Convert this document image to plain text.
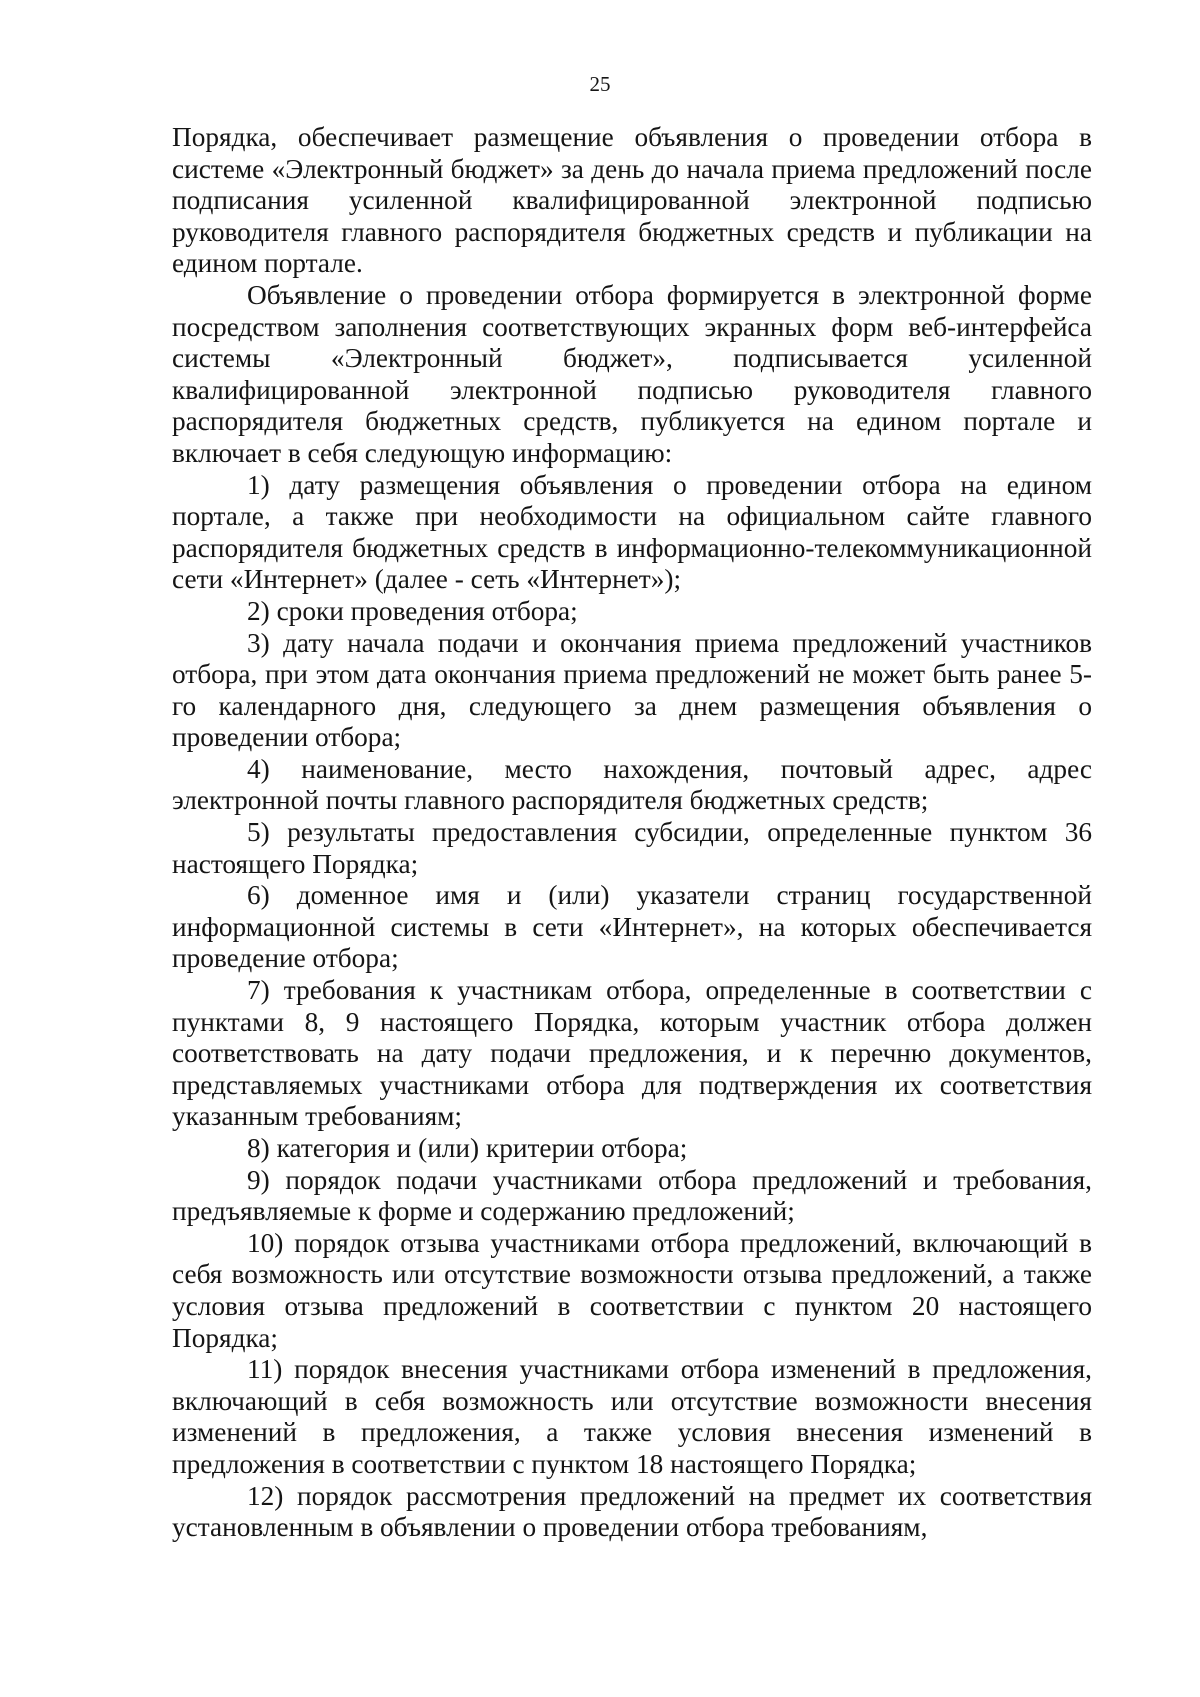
25

Порядка, обеспечивает размещение объявления о проведении отбора в системе «Электронный бюджет» за день до начала приема предложений после подписания усиленной квалифицированной электронной подписью руководителя главного распорядителя бюджетных средств и публикации на едином портале.

Объявление о проведении отбора формируется в электронной форме посредством заполнения соответствующих экранных форм веб-интерфейса системы «Электронный бюджет», подписывается усиленной квалифицированной электронной подписью руководителя главного распорядителя бюджетных средств, публикуется на едином портале и включает в себя следующую информацию:

1) дату размещения объявления о проведении отбора на едином портале, а также при необходимости на официальном сайте главного распорядителя бюджетных средств в информационно-телекоммуникационной сети «Интернет» (далее - сеть «Интернет»);

2) сроки проведения отбора;

3) дату начала подачи и окончания приема предложений участников отбора, при этом дата окончания приема предложений не может быть ранее 5-го календарного дня, следующего за днем размещения объявления о проведении отбора;

4) наименование, место нахождения, почтовый адрес, адрес электронной почты главного распорядителя бюджетных средств;

5) результаты предоставления субсидии, определенные пунктом 36 настоящего Порядка;

6) доменное имя и (или) указатели страниц государственной информационной системы в сети «Интернет», на которых обеспечивается проведение отбора;

7) требования к участникам отбора, определенные в соответствии с пунктами 8, 9 настоящего Порядка, которым участник отбора должен соответствовать на дату подачи предложения, и к перечню документов, представляемых участниками отбора для подтверждения их соответствия указанным требованиям;

8) категория и (или) критерии отбора;

9) порядок подачи участниками отбора предложений и требования, предъявляемые к форме и содержанию предложений;

10) порядок отзыва участниками отбора предложений, включающий в себя возможность или отсутствие возможности отзыва предложений, а также условия отзыва предложений в соответствии с пунктом 20 настоящего Порядка;

11) порядок внесения участниками отбора изменений в предложения, включающий в себя возможность или отсутствие возможности внесения изменений в предложения, а также условия внесения изменений в предложения в соответствии с пунктом 18 настоящего Порядка;

12) порядок рассмотрения предложений на предмет их соответствия установленным в объявлении о проведении отбора требованиям,
